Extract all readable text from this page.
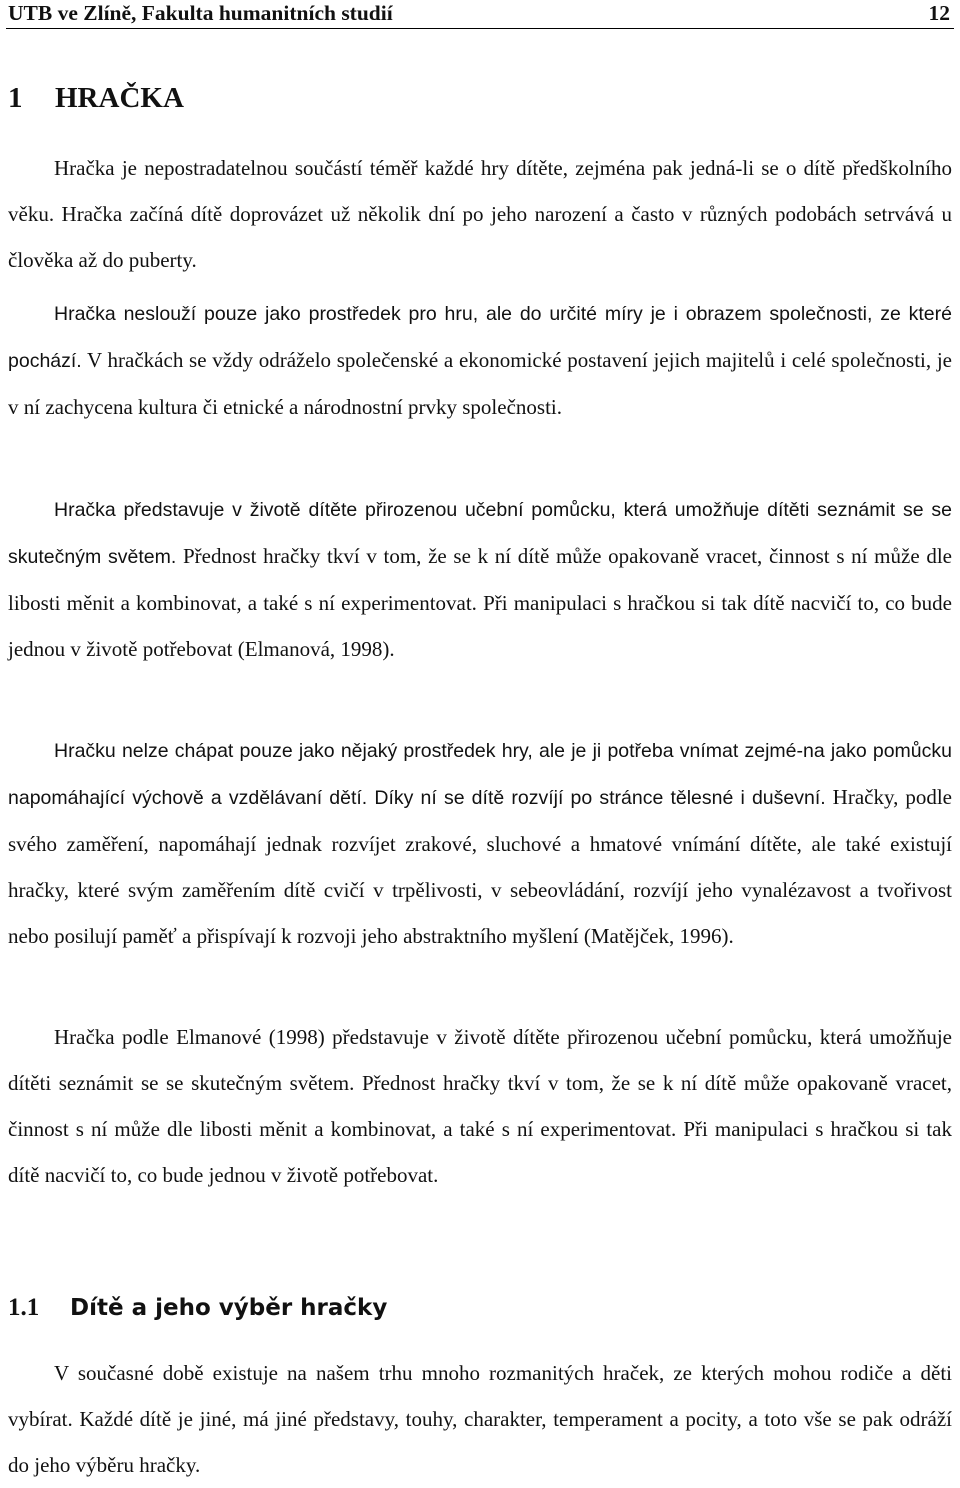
UTB ve Zlíně, Fakulta humanitních studií	12
1 HRAČKA

Hračka je nepostradatelnou součástí téměř každé hry dítěte, zejména pak jedná-li se o dítě předškolního věku. Hračka začíná dítě doprovázet už několik dní po jeho narození a často v různých podobách setrvává u člověka až do puberty.

Hračka neslouží pouze jako prostředek pro hru, ale do určité míry je i obrazem společnosti, ze které pochází. V hračkách se vždy odráželo společenské a ekonomické postavení jejich majitelů i celé společnosti, je v ní zachycena kultura či etnické a národnostní prvky společnosti.

Hračka představuje v životě dítěte přirozenou učební pomůcku, která umožňuje dítěti seznámit se se skutečným světem. Přednost hračky tkví v tom, že se k ní dítě může opakovaně vracet, činnost s ní může dle libosti měnit a kombinovat, a také s ní experimentovat. Při manipulaci s hračkou si tak dítě nacvičí to, co bude jednou v životě potřebovat (Elmanová, 1998).

Hračku nelze chápat pouze jako nějaký prostředek hry, ale je ji potřeba vnímat zejmé-na jako pomůcku napomáhající výchově a vzdělávaní dětí. Díky ní se dítě rozvíjí po stránce tělesné i duševní. Hračky, podle svého zaměření, napomáhají jednak rozvíjet zrakové, sluchové a hmatové vnímání dítěte, ale také existují hračky, které svým zaměřením dítě cvičí v trpělivosti, v sebeovládání, rozvíjí jeho vynalézavost a tvořivost nebo posilují paměť a přispívají k rozvoji jeho abstraktního myšlení (Matějček, 1996).

Hračka podle Elmanové (1998) představuje v životě dítěte přirozenou učební pomůcku, která umožňuje dítěti seznámit se se skutečným světem. Přednost hračky tkví v tom, že se k ní dítě může opakovaně vracet, činnost s ní může dle libosti měnit a kombinovat, a také s ní experimentovat. Při manipulaci s hračkou si tak dítě nacvičí to, co bude jednou v životě potřebovat.

1.1 Dítě a jeho výběr hračky

V současné době existuje na našem trhu mnoho rozmanitých hraček, ze kterých mohou rodiče a děti vybírat. Každé dítě je jiné, má jiné představy, touhy, charakter, temperament a pocity, a toto vše se pak odráží do jeho výběru hračky.
